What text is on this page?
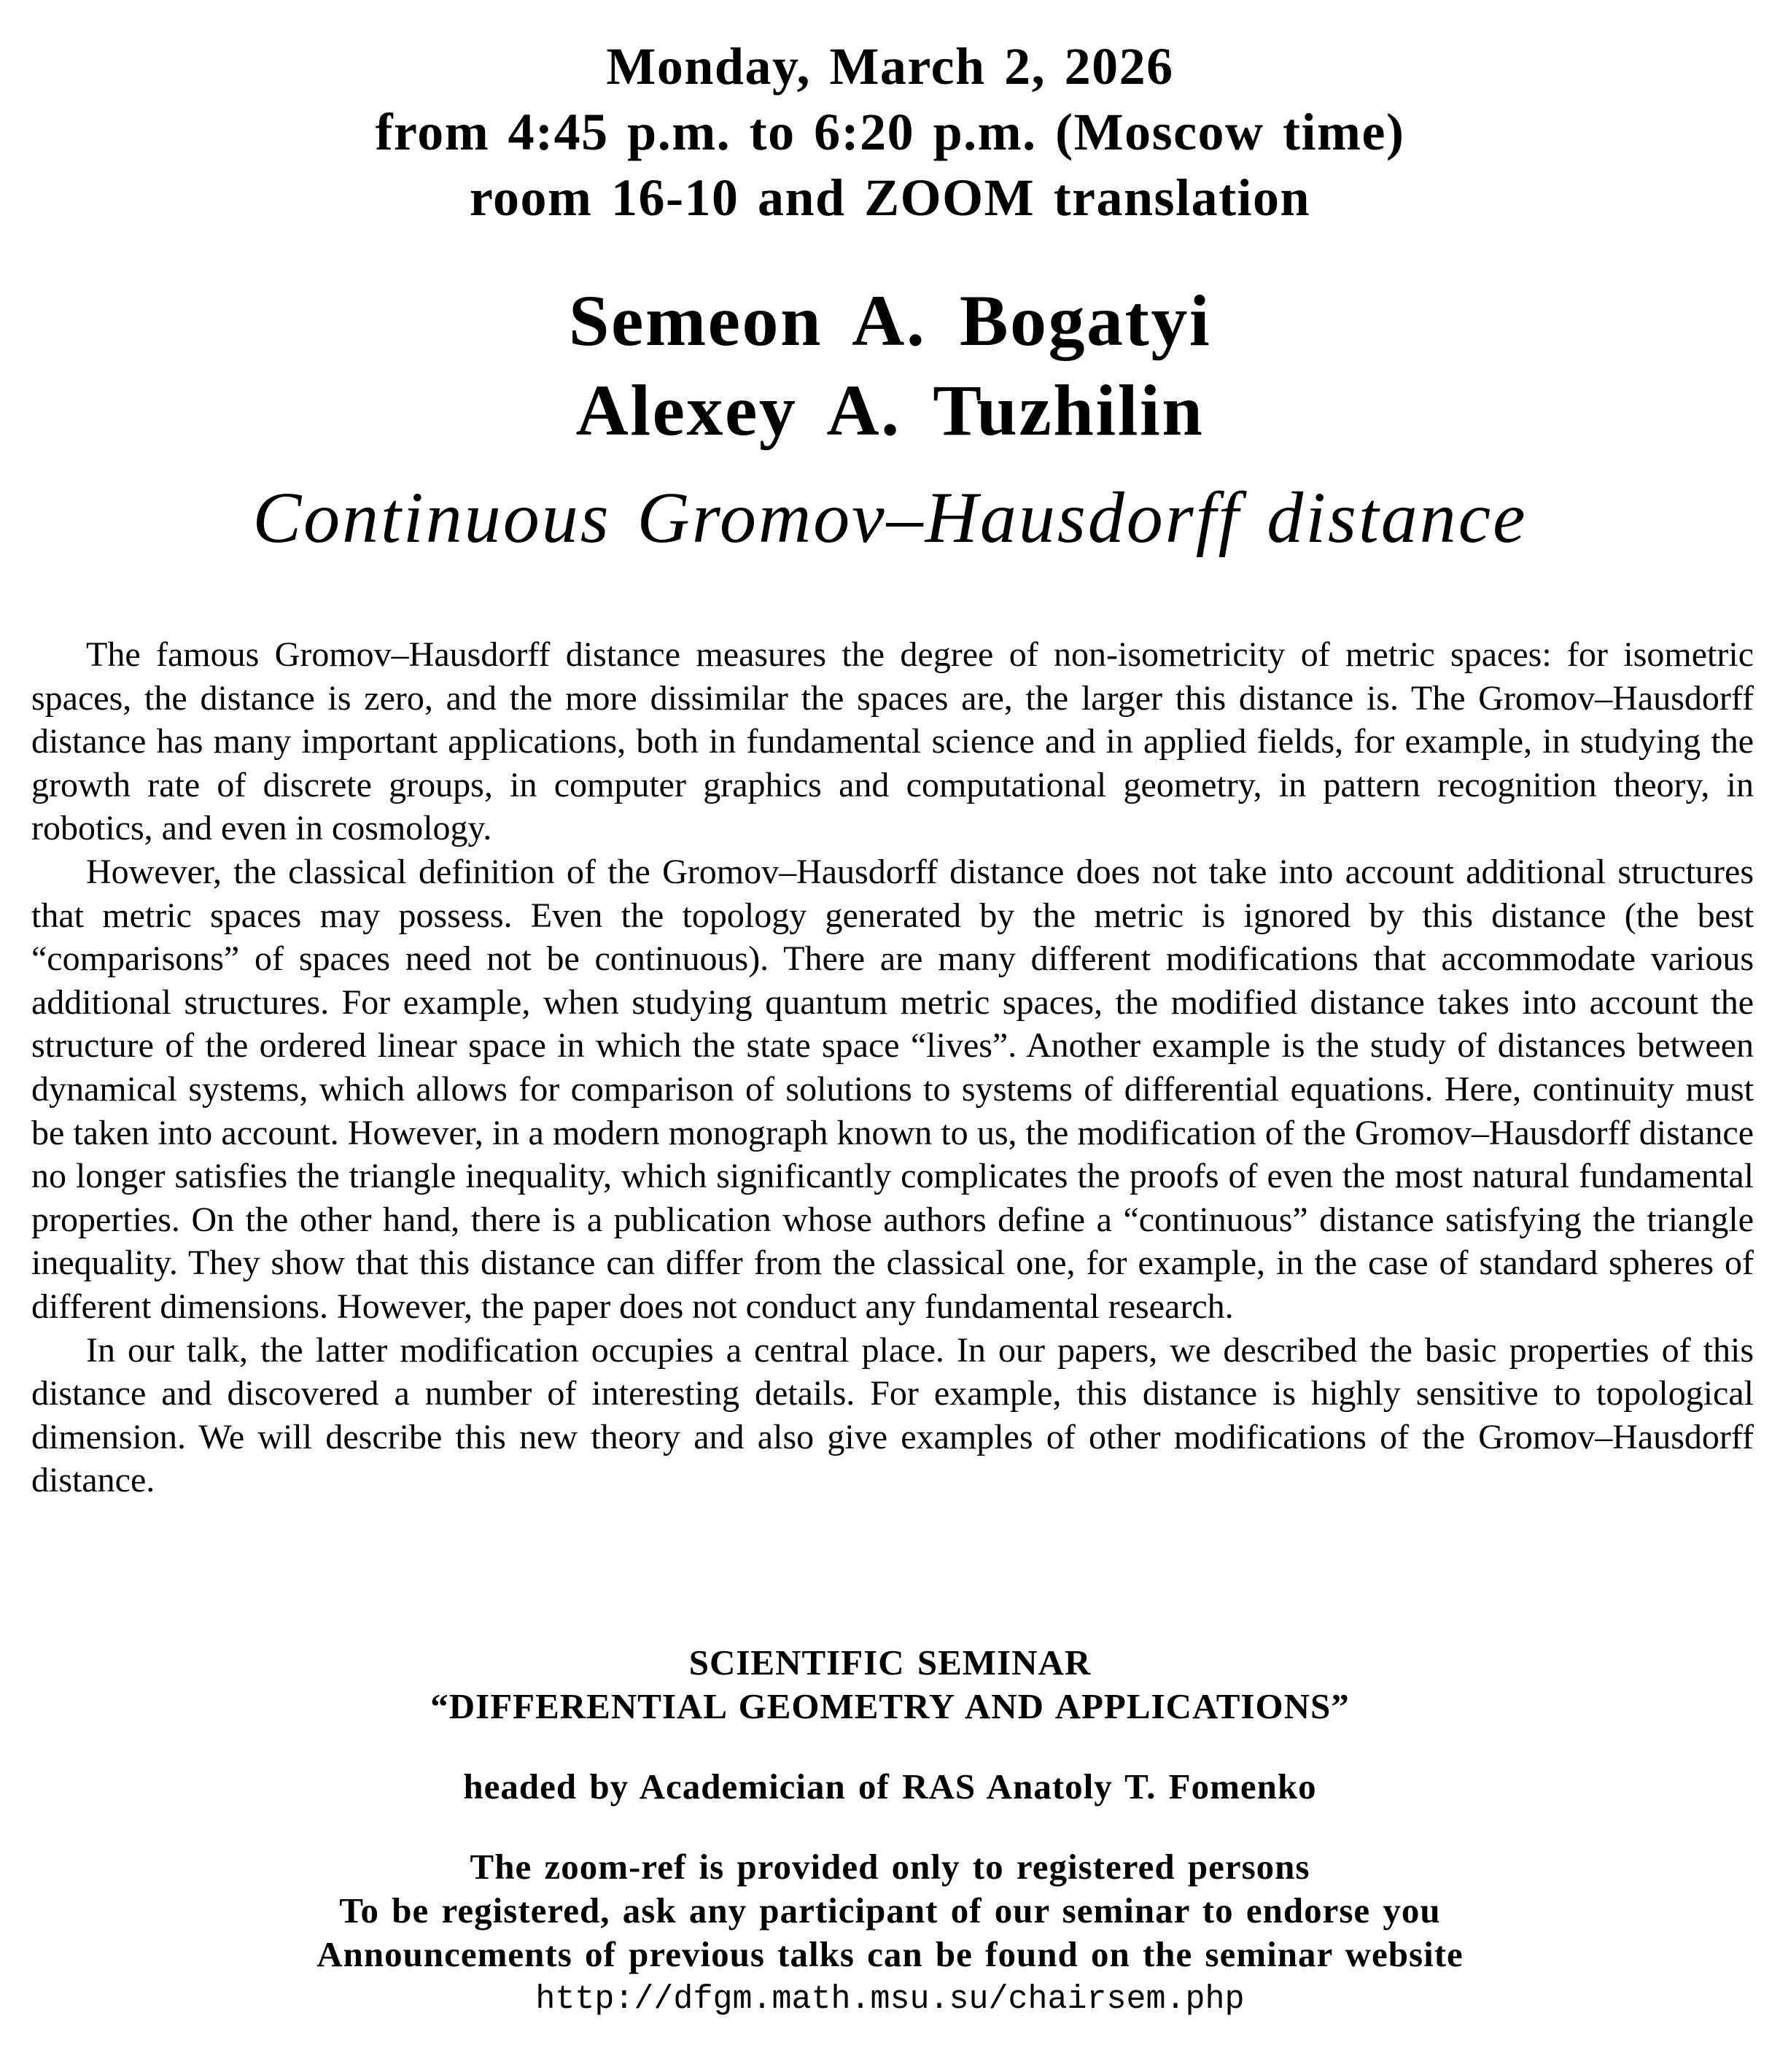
Monday, March 2, 2026
from 4:45 p.m. to 6:20 p.m. (Moscow time)
room 16-10 and ZOOM translation
Semeon A. Bogatyi
Alexey A. Tuzhilin
Continuous Gromov–Hausdorff distance

The famous Gromov–Hausdorff distance measures the degree of non-isometricity of metric spaces: for isometric spaces, the distance is zero, and the more dissimilar the spaces are, the larger this distance is. The Gromov–Hausdorff distance has many important applications, both in fundamental science and in applied fields, for example, in studying the growth rate of discrete groups, in computer graphics and computational geometry, in pattern recognition theory, in robotics, and even in cosmology.

However, the classical definition of the Gromov–Hausdorff distance does not take into account additional structures that metric spaces may possess. Even the topology generated by the metric is ignored by this distance (the best “comparisons” of spaces need not be continuous). There are many different modifications that accommodate various additional structures. For example, when studying quantum metric spaces, the modified distance takes into account the structure of the ordered linear space in which the state space “lives”. Another example is the study of distances between dynamical systems, which allows for comparison of solutions to systems of differential equations. Here, continuity must be taken into account. However, in a modern monograph known to us, the modification of the Gromov–Hausdorff distance no longer satisfies the triangle inequality, which significantly complicates the proofs of even the most natural fundamental properties. On the other hand, there is a publication whose authors define a “continuous” distance satisfying the triangle inequality. They show that this distance can differ from the classical one, for example, in the case of standard spheres of different dimensions. However, the paper does not conduct any fundamental research.

In our talk, the latter modification occupies a central place. In our papers, we described the basic properties of this distance and discovered a number of interesting details. For example, this distance is highly sensitive to topological dimension. We will describe this new theory and also give examples of other modifications of the Gromov–Hausdorff distance.

SCIENTIFIC SEMINAR
“DIFFERENTIAL GEOMETRY AND APPLICATIONS”
headed by Academician of RAS Anatoly T. Fomenko
The zoom-ref is provided only to registered persons
To be registered, ask any participant of our seminar to endorse you
Announcements of previous talks can be found on the seminar website
http://dfgm.math.msu.su/chairsem.php
